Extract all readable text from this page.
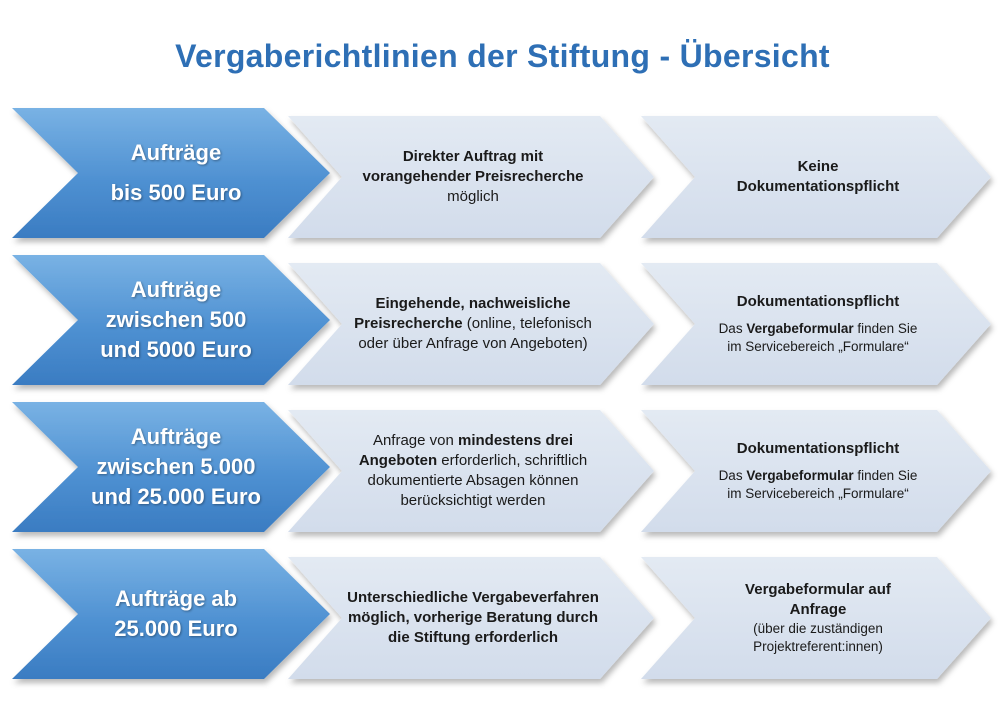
Vergaberichtlinien der Stiftung - Übersicht
Aufträge
bis 500 Euro
Direkter Auftrag mit
vorangehender Preisrecherche
möglich
Keine
Dokumentationspflicht
Aufträge
zwischen 500
und 5000 Euro
Eingehende, nachweisliche
Preisrecherche (online, telefonisch
oder über Anfrage von Angeboten)
Dokumentationspflicht
Das Vergabeformular finden Sie
im Servicebereich „Formulare“
Aufträge
zwischen 5.000
und 25.000 Euro
Anfrage von mindestens drei
Angeboten erforderlich, schriftlich
dokumentierte Absagen können
berücksichtigt werden
Dokumentationspflicht
Das Vergabeformular finden Sie
im Servicebereich „Formulare“
Aufträge ab
25.000 Euro
Unterschiedliche Vergabeverfahren
möglich, vorherige Beratung durch
die Stiftung erforderlich
Vergabeformular auf
Anfrage
(über die zuständigen
Projektreferent:innen)
